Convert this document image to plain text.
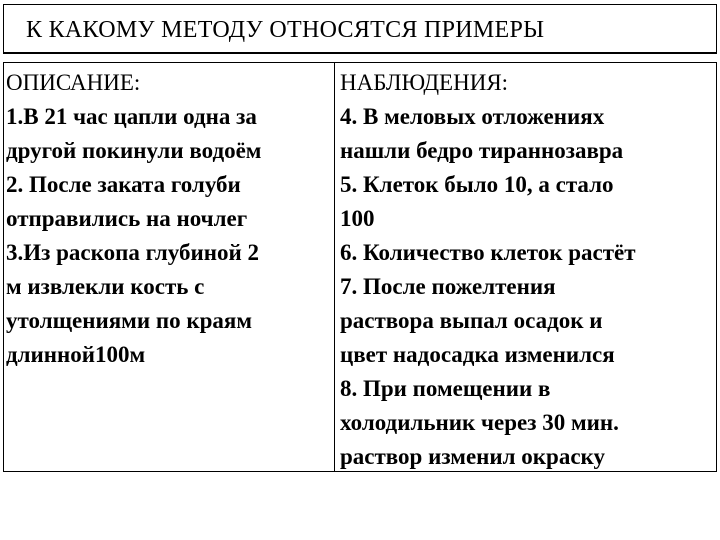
К КАКОМУ МЕТОДУ ОТНОСЯТСЯ ПРИМЕРЫ
ОПИСАНИЕ:
1.В 21 час цапли одна за
другой покинули водоём
2. После заката голуби
отправились на ночлег
3.Из раскопа глубиной 2
м извлекли кость с
утолщениями по краям
длинной100м
НАБЛЮДЕНИЯ:
4. В меловых отложениях
нашли бедро тираннозавра
5. Клеток было 10, а стало
100
6. Количество клеток растёт
7. После пожелтения
раствора выпал осадок и
цвет надосадка изменился
8. При помещении в
холодильник через 30 мин.
раствор изменил окраску
